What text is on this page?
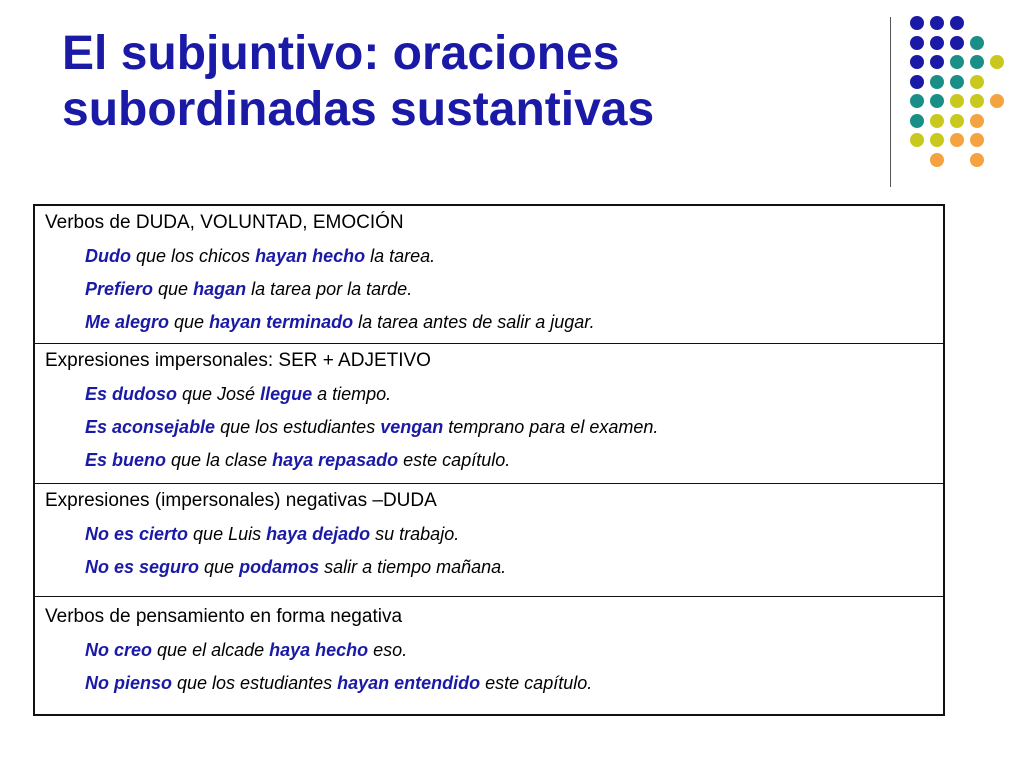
El subjuntivo: oraciones
subordinadas sustantivas
Verbos de DUDA, VOLUNTAD, EMOCIÓN
Dudo que los chicos hayan hecho la tarea.
Prefiero que hagan la tarea por la tarde.
Me alegro que hayan terminado la tarea antes de salir a jugar.
Expresiones impersonales: SER + ADJETIVO
Es dudoso que José llegue a tiempo.
Es aconsejable que los estudiantes vengan temprano para el examen.
Es bueno que la clase haya repasado este capítulo.
Expresiones (impersonales) negativas –DUDA
No es cierto que Luis haya dejado su trabajo.
No es seguro que podamos salir a tiempo mañana.
Verbos de pensamiento en forma negativa
No creo que el alcade haya hecho eso.
No pienso que los estudiantes hayan entendido este capítulo.
